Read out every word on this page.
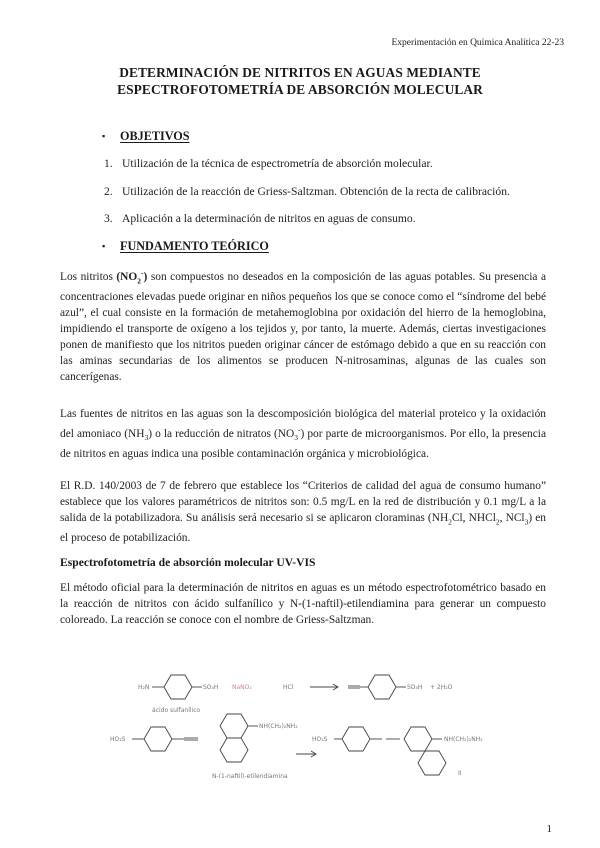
Experimentación en Química Analítica 22-23
DETERMINACIÓN DE NITRITOS EN AGUAS MEDIANTE
ESPECTROFOTOMETRÍA DE ABSORCIÓN MOLECULAR
▪ OBJETIVOS
1. Utilización de la técnica de espectrometría de absorción molecular.
2. Utilización de la reacción de Griess-Saltzman. Obtención de la recta de calibración.
3. Aplicación a la determinación de nitritos en aguas de consumo.
▪ FUNDAMENTO TEÓRICO

Los nitritos $(NO_2^-)$ son compuestos no deseados en la composición de las aguas potables. Su presencia a concentraciones elevadas puede originar en niños pequeños los que se conoce como el “síndrome del bebé azul”, el cual consiste en la formación de metahemoglobina por oxidación del hierro de la hemoglobina, impidiendo el transporte de oxígeno a los tejidos y, por tanto, la muerte. Además, ciertas investigaciones ponen de manifiesto que los nitritos pueden originar cáncer de estómago debido a que en su reacción con las aminas secundarias de los alimentos se producen N-nitrosaminas, algunas de las cuales son cancerígenas.

Las fuentes de nitritos en las aguas son la descomposición biológica del material proteico y la oxidación del amoniaco $(NH_3)$ o la reducción de nitratos $(NO_3^-)$ por parte de microorganismos. Por ello, la presencia de nitritos en aguas indica una posible contaminación orgánica y microbiológica.

El R.D. 140/2003 de 7 de febrero que establece los “Criterios de calidad del agua de consumo humano” establece que los valores paramétricos de nitritos son: 0.5 mg/L en la red de distribución y 0.1 mg/L a la salida de la potabilizadora. Su análisis será necesario si se aplicaron cloraminas ($NH_2Cl$, NHCl$_2$, NCl$_3$) en el proceso de potabilización.

Espectrofotometría de absorción molecular UV-VIS

El método oficial para la determinación de nitritos en aguas es un método espectrofotométrico basado en la reacción de nitritos con ácido sulfanílico y N-(1-naftil)-etilendiamina para generar un compuesto coloreado. La reacción se conoce con el nombre de Griess-Saltzman.

H₂N	SO₃H NaNO₂	HCl
ácido sulfanílico
SO₃H + 2H₂O
HO₃S
NH(CH₂)₂NH₂
N-(1-naftil)-etilendiamina
HO₃S	NH(CH₂)₂NH₂
II
1
